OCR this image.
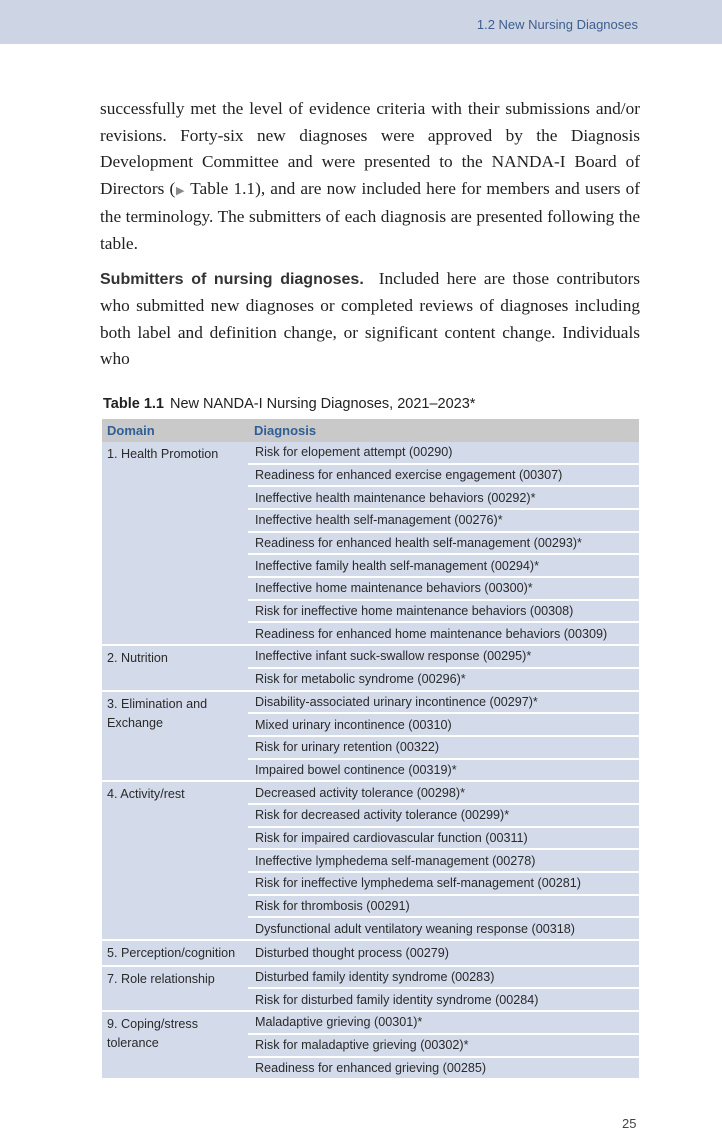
1.2 New Nursing Diagnoses

successfully met the level of evidence criteria with their submissions and/or revisions. Forty-six new diagnoses were approved by the Diagnosis Development Committee and were presented to the NANDA-I Board of Directors (▶ Table 1.1), and are now included here for members and users of the terminology. The submitters of each diagnosis are presented following the table.

Submitters of nursing diagnoses. Included here are those contributors who submitted new diagnoses or completed reviews of diagnoses including both label and definition change, or significant content change. Individuals who

Table 1.1 New NANDA-I Nursing Diagnoses, 2021–2023*
Domain	Diagnosis
1. Health Promotion	Risk for elopement attempt (00290)
	Readiness for enhanced exercise engagement (00307)
	Ineffective health maintenance behaviors (00292)*
	Ineffective health self-management (00276)*
	Readiness for enhanced health self-management (00293)*
	Ineffective family health self-management (00294)*
	Ineffective home maintenance behaviors (00300)*
	Risk for ineffective home maintenance behaviors (00308)
	Readiness for enhanced home maintenance behaviors (00309)
2. Nutrition	Ineffective infant suck-swallow response (00295)*
	Risk for metabolic syndrome (00296)*
3. Elimination and Exchange	Disability-associated urinary incontinence (00297)*
	Mixed urinary incontinence (00310)
	Risk for urinary retention (00322)
	Impaired bowel continence (00319)*
4. Activity/rest	Decreased activity tolerance (00298)*
	Risk for decreased activity tolerance (00299)*
	Risk for impaired cardiovascular function (00311)
	Ineffective lymphedema self-management (00278)
	Risk for ineffective lymphedema self-management (00281)
	Risk for thrombosis (00291)
	Dysfunctional adult ventilatory weaning response (00318)
5. Perception/cognition	Disturbed thought process (00279)
7. Role relationship	Disturbed family identity syndrome (00283)
	Risk for disturbed family identity syndrome (00284)
9. Coping/stress tolerance	Maladaptive grieving (00301)*
	Risk for maladaptive grieving (00302)*
	Readiness for enhanced grieving (00285)
25
